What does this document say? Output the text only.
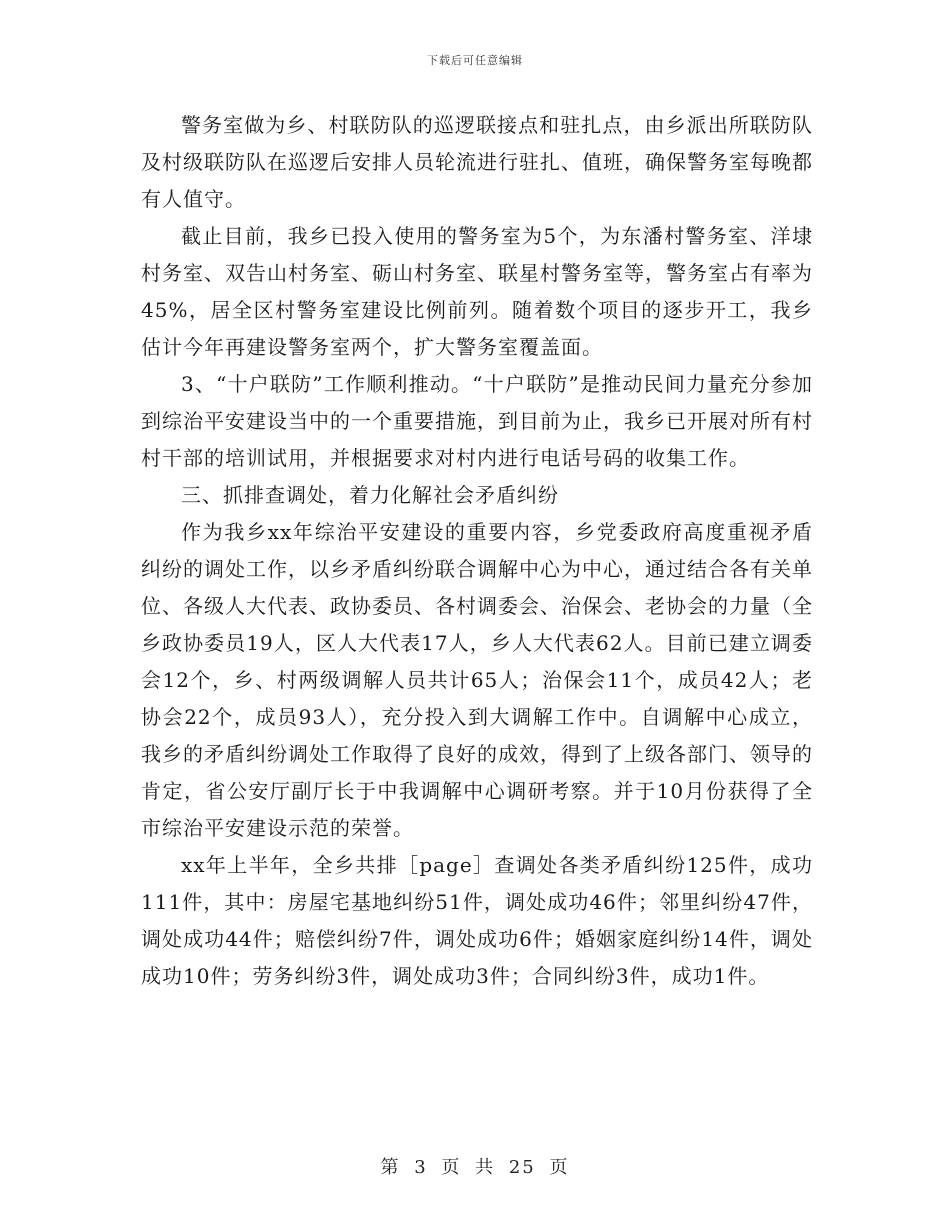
下载后可任意编辑

警务室做为乡、村联防队的巡逻联接点和驻扎点，由乡派出所联防队及村级联防队在巡逻后安排人员轮流进行驻扎、值班，确保警务室每晚都有人值守。

截止目前，我乡已投入使用的警务室为5个，为东潘村警务室、洋埭村务室、双告山村务室、砺山村务室、联星村警务室等，警务室占有率为45%，居全区村警务室建设比例前列。随着数个项目的逐步开工，我乡估计今年再建设警务室两个，扩大警务室覆盖面。

3、“十户联防”工作顺利推动。“十户联防”是推动民间力量充分参加到综治平安建设当中的一个重要措施，到目前为止，我乡已开展对所有村村干部的培训试用，并根据要求对村内进行电话号码的收集工作。

三、抓排查调处，着力化解社会矛盾纠纷

作为我乡xx年综治平安建设的重要内容，乡党委政府高度重视矛盾纠纷的调处工作，以乡矛盾纠纷联合调解中心为中心，通过结合各有关单位、各级人大代表、政协委员、各村调委会、治保会、老协会的力量（全乡政协委员19人，区人大代表17人，乡人大代表62人。目前已建立调委会12个，乡、村两级调解人员共计65人；治保会11个，成员42人；老协会22个，成员93人），充分投入到大调解工作中。自调解中心成立，我乡的矛盾纠纷调处工作取得了良好的成效，得到了上级各部门、领导的肯定，省公安厅副厅长于中我调解中心调研考察。并于10月份获得了全市综治平安建设示范的荣誉。

xx年上半年，全乡共排［page］查调处各类矛盾纠纷125件，成功111件，其中：房屋宅基地纠纷51件，调处成功46件；邻里纠纷47件，调处成功44件；赔偿纠纷7件，调处成功6件；婚姻家庭纠纷14件，调处成功10件；劳务纠纷3件，调处成功3件；合同纠纷3件，成功1件。

第 3 页 共 25 页
